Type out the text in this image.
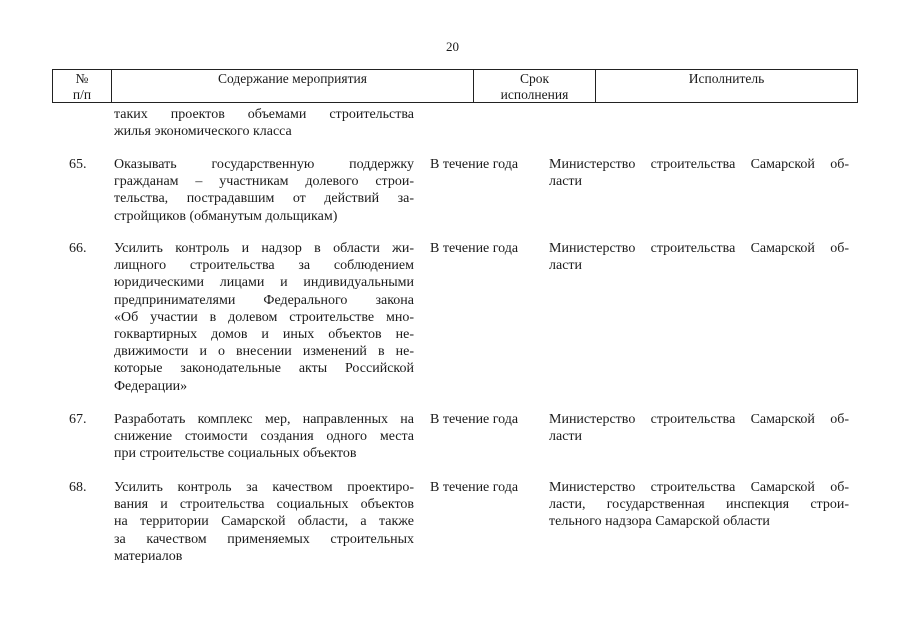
20
№
п/п
Содержание мероприятия	Срок
исполнения
Исполнитель
таких проектов объемами строительства
жилья экономического класса
65. Оказывать государственную поддержку
гражданам – участникам долевого строи-
тельства, пострадавшим от действий за-
стройщиков (обманутым дольщикам)
В течение года Министерство строительства Самарской об-
ласти
66. Усилить контроль и надзор в области жи-
лищного строительства за соблюдением
юридическими лицами и индивидуальными
предпринимателями Федерального закона
«Об участии в долевом строительстве мно-
гоквартирных домов и иных объектов не-
движимости и о внесении изменений в не-
которые законодательные акты Российской
Федерации»
В течение года Министерство строительства Самарской об-
ласти
67. Разработать комплекс мер, направленных на
снижение стоимости создания одного места
при строительстве социальных объектов
В течение года Министерство строительства Самарской об-
ласти
68. Усилить контроль за качеством проектиро-
вания и строительства социальных объектов
на территории Самарской области, а также
за качеством применяемых строительных
материалов
В течение года Министерство строительства Самарской об-
ласти, государственная инспекция строи-
тельного надзора Самарской области
